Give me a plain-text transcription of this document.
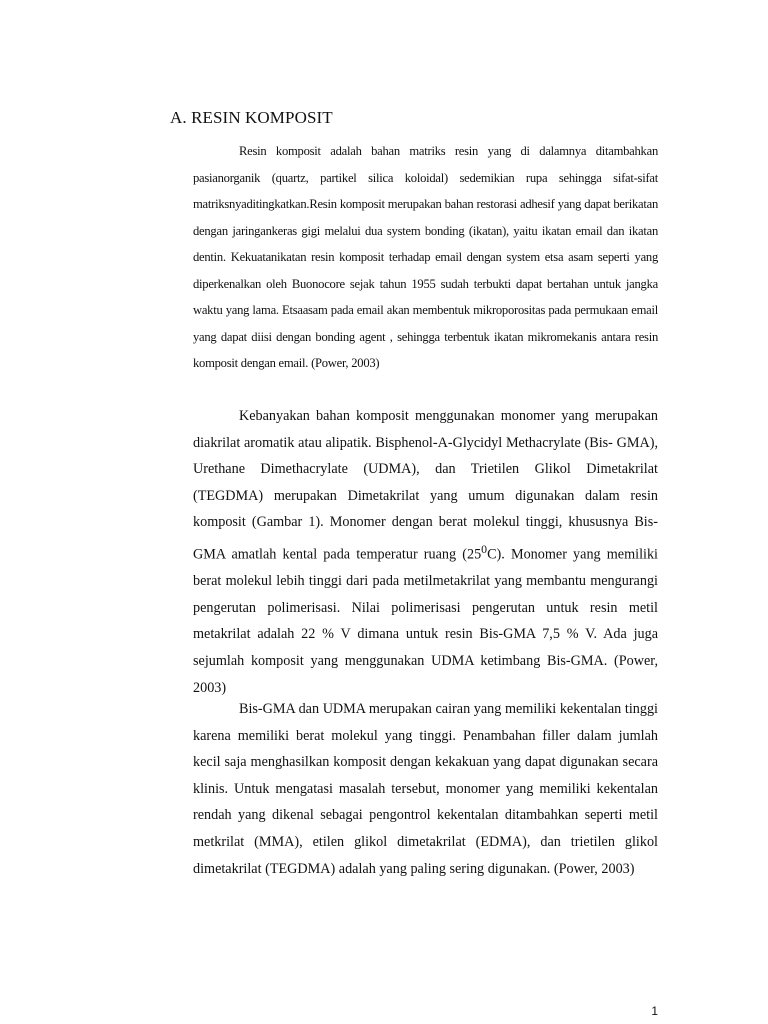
A. RESIN KOMPOSIT

Resin komposit adalah bahan matriks resin yang di dalamnya ditambahkan pasianorganik (quartz, partikel silica koloidal) sedemikian rupa sehingga sifat-sifat matriksnyaditingkatkan.Resin komposit merupakan bahan restorasi adhesif yang dapat berikatan dengan jaringankeras gigi melalui dua system bonding (ikatan), yaitu ikatan email dan ikatan dentin. Kekuatanikatan resin komposit terhadap email dengan system etsa asam seperti yang diperkenalkan oleh Buonocore sejak tahun 1955 sudah terbukti dapat bertahan untuk jangka waktu yang lama. Etsaasam pada email akan membentuk mikroporositas pada permukaan email yang dapat diisi dengan bonding agent , sehingga terbentuk ikatan mikromekanis antara resin komposit dengan email. (Power, 2003)

Kebanyakan bahan komposit menggunakan monomer yang merupakan diakrilat aromatik atau alipatik. Bisphenol-A-Glycidyl Methacrylate (Bis- GMA), Urethane Dimethacrylate (UDMA), dan Trietilen Glikol Dimetakrilat (TEGDMA) merupakan Dimetakrilat yang umum digunakan dalam resin komposit (Gambar 1). Monomer dengan berat molekul tinggi, khususnya Bis-GMA amatlah kental pada temperatur ruang $(25^0C)$. Monomer yang memiliki berat molekul lebih tinggi dari pada metilmetakrilat yang membantu mengurangi pengerutan polimerisasi. Nilai polimerisasi pengerutan untuk resin metil metakrilat adalah 22 % V dimana untuk resin Bis-GMA 7,5 % V. Ada juga sejumlah komposit yang menggunakan UDMA ketimbang Bis-GMA. (Power, 2003)

Bis-GMA dan UDMA merupakan cairan yang memiliki kekentalan tinggi karena memiliki berat molekul yang tinggi. Penambahan filler dalam jumlah kecil saja menghasilkan komposit dengan kekakuan yang dapat digunakan secara klinis. Untuk mengatasi masalah tersebut, monomer yang memiliki kekentalan rendah yang dikenal sebagai pengontrol kekentalan ditambahkan seperti metil metkrilat (MMA), etilen glikol dimetakrilat (EDMA), dan trietilen glikol dimetakrilat (TEGDMA) adalah yang paling sering digunakan. (Power, 2003)

1
